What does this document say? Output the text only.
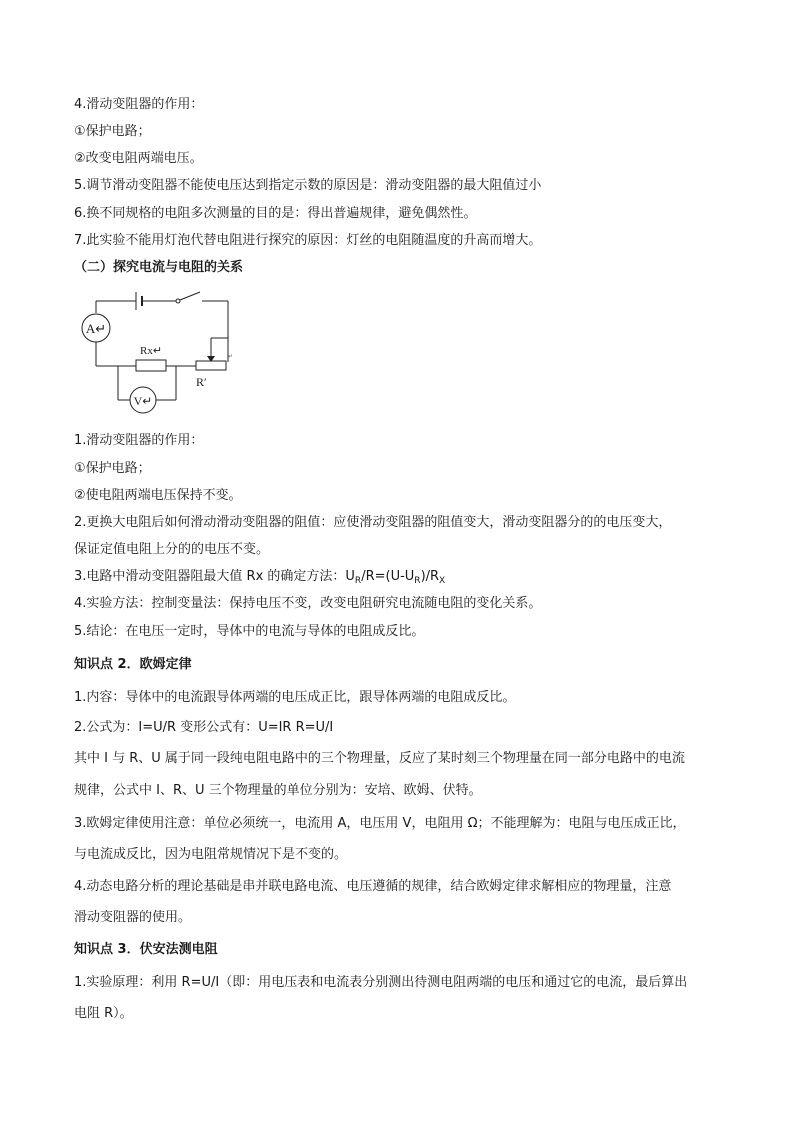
4.滑动变阻器的作用：
①保护电路；
②改变电阻两端电压。
5.调节滑动变阻器不能使电压达到指定示数的原因是：滑动变阻器的最大阻值过小
6.换不同规格的电阻多次测量的目的是：得出普遍规律，避免偶然性。
7.此实验不能用灯泡代替电阻进行探究的原因：灯丝的电阻随温度的升高而增大。
（二）探究电流与电阻的关系
A↵
V↵
Rx↵
R′
↵
1.滑动变阻器的作用：
①保护电路；
②使电阻两端电压保持不变。
2.更换大电阻后如何滑动滑动变阻器的阻值：应使滑动变阻器的阻值变大，滑动变阻器分的的电压变大，
保证定值电阻上分的的电压不变。
3.电路中滑动变阻器阻最大值 Rx 的确定方法：$U_R/R=(U-U_R)/R_X$
4.实验方法：控制变量法：保持电压不变，改变电阻研究电流随电阻的变化关系。
5.结论：在电压一定时，导体中的电流与导体的电阻成反比。
知识点 2．欧姆定律
1.内容：导体中的电流跟导体两端的电压成正比，跟导体两端的电阻成反比。
2.公式为：I=U/R 变形公式有：U=IR R=U/I
其中 I 与 R、U 属于同一段纯电阻电路中的三个物理量，反应了某时刻三个物理量在同一部分电路中的电流
规律，公式中 I、R、U 三个物理量的单位分别为：安培、欧姆、伏特。
3.欧姆定律使用注意：单位必须统一，电流用 A，电压用 V，电阻用 Ω；不能理解为：电阻与电压成正比，
与电流成反比，因为电阻常规情况下是不变的。
4.动态电路分析的理论基础是串并联电路电流、电压遵循的规律，结合欧姆定律求解相应的物理量，注意
滑动变阻器的使用。
知识点 3．伏安法测电阻
1.实验原理：利用 R=U/I（即：用电压表和电流表分别测出待测电阻两端的电压和通过它的电流，最后算出
电阻 R）。
